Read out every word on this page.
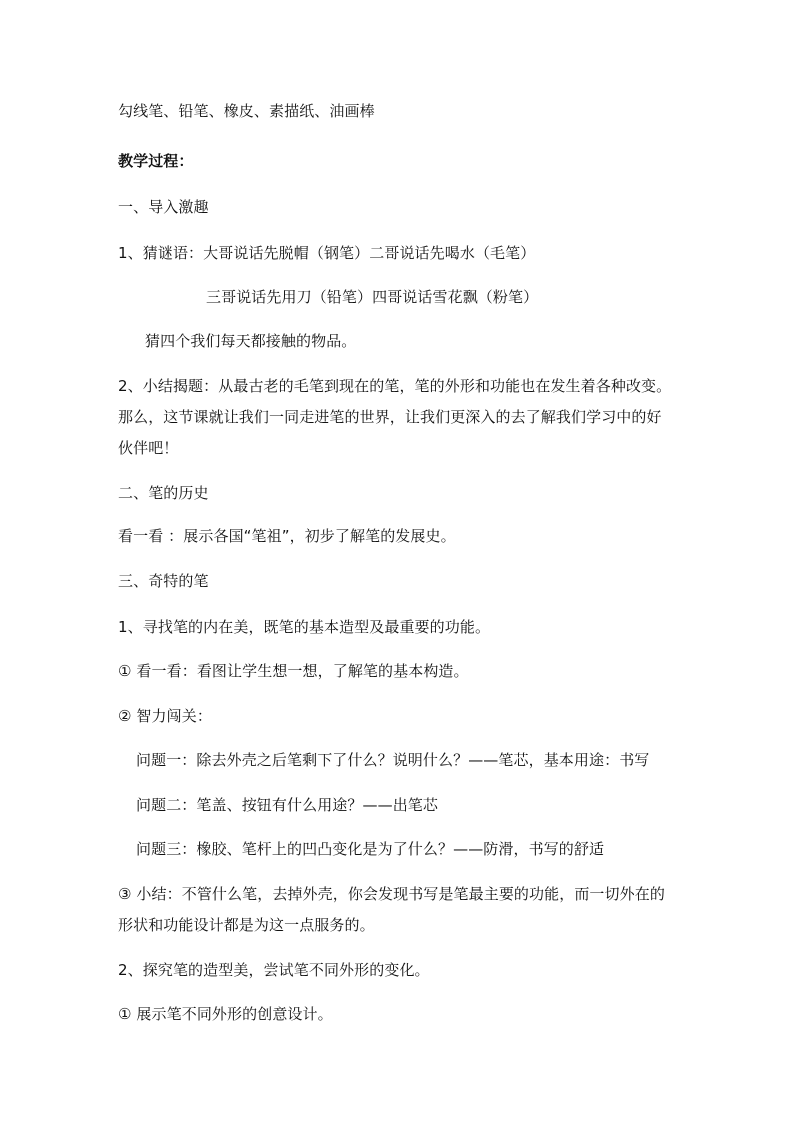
勾线笔、铅笔、橡皮、素描纸、油画棒
教学过程：
一、导入激趣
1、猜谜语：大哥说话先脱帽（钢笔）二哥说话先喝水（毛笔）
三哥说话先用刀（铅笔）四哥说话雪花飘（粉笔）
猜四个我们每天都接触的物品。
2、小结揭题：从最古老的毛笔到现在的笔，笔的外形和功能也在发生着各种改变。那么，这节课就让我们一同走进笔的世界，让我们更深入的去了解我们学习中的好伙伴吧！
二、笔的历史
看一看 ：展示各国“笔祖”，初步了解笔的发展史。
三、奇特的笔
1、寻找笔的内在美，既笔的基本造型及最重要的功能。
① 看一看：看图让学生想一想，了解笔的基本构造。
② 智力闯关：
问题一：除去外壳之后笔剩下了什么？说明什么？——笔芯，基本用途：书写
问题二：笔盖、按钮有什么用途？——出笔芯
问题三：橡胶、笔杆上的凹凸变化是为了什么？——防滑，书写的舒适
③ 小结：不管什么笔，去掉外壳，你会发现书写是笔最主要的功能，而一切外在的形状和功能设计都是为这一点服务的。
2、探究笔的造型美，尝试笔不同外形的变化。
① 展示笔不同外形的创意设计。
